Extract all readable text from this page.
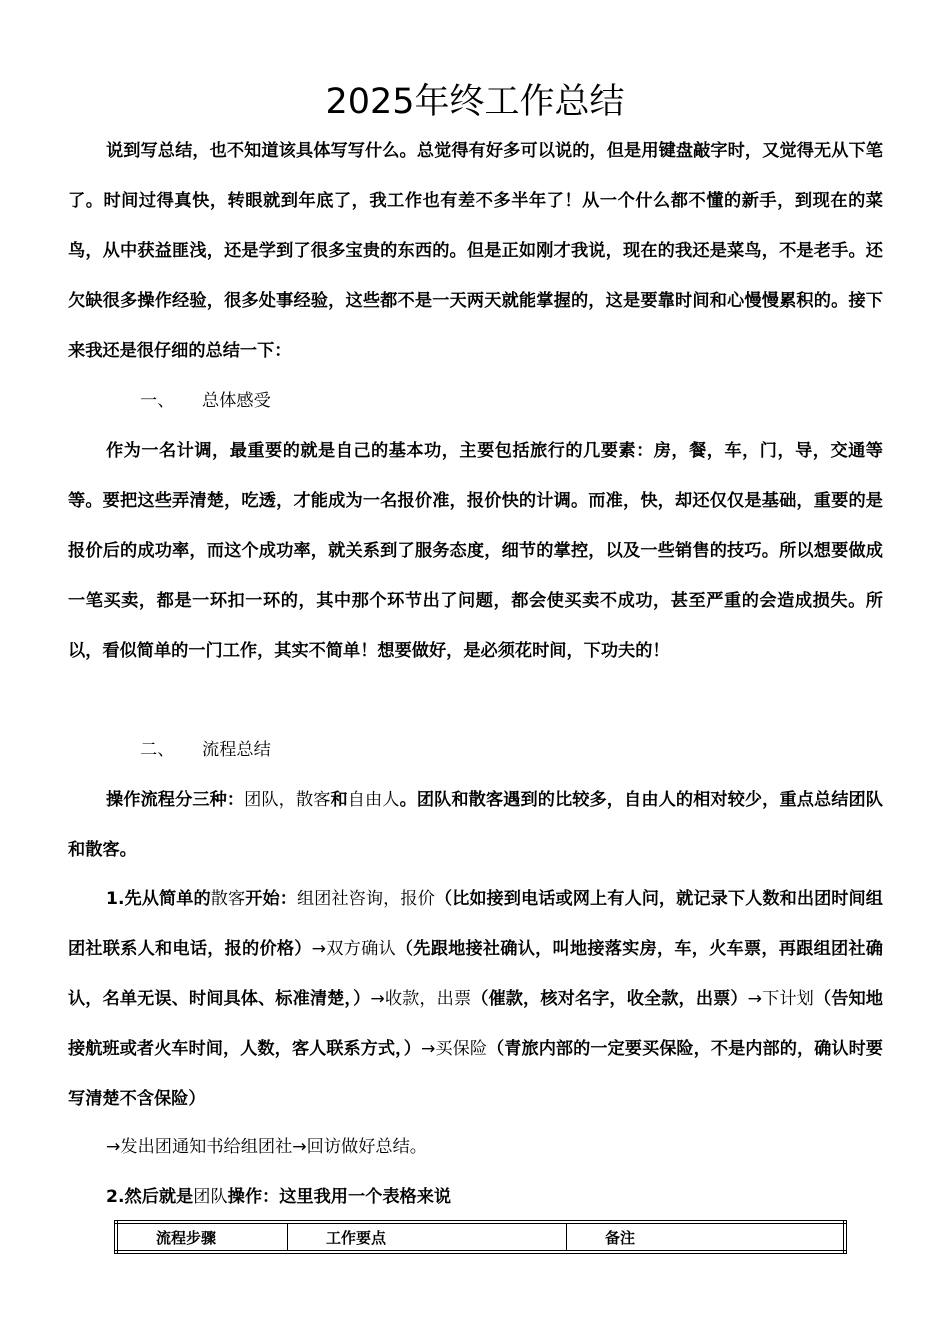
2025年终工作总结

说到写总结，也不知道该具体写写什么。总觉得有好多可以说的，但是用键盘敲字时，又觉得无从下笔了。时间过得真快，转眼就到年底了，我工作也有差不多半年了！从一个什么都不懂的新手，到现在的菜鸟，从中获益匪浅，还是学到了很多宝贵的东西的。但是正如刚才我说，现在的我还是菜鸟，不是老手。还欠缺很多操作经验，很多处事经验，这些都不是一天两天就能掌握的，这是要靠时间和心慢慢累积的。接下来我还是很仔细的总结一下：

一、 总体感受

作为一名计调，最重要的就是自己的基本功，主要包括旅行的几要素：房，餐，车，门，导，交通等等。要把这些弄清楚，吃透，才能成为一名报价准，报价快的计调。而准，快，却还仅仅是基础，重要的是报价后的成功率，而这个成功率，就关系到了服务态度，细节的掌控，以及一些销售的技巧。所以想要做成一笔买卖，都是一环扣一环的，其中那个环节出了问题，都会使买卖不成功，甚至严重的会造成损失。所以，看似简单的一门工作，其实不简单！想要做好，是必须花时间，下功夫的！

二、 流程总结

操作流程分三种：团队，散客和自由人。团队和散客遇到的比较多，自由人的相对较少，重点总结团队和散客。

1.先从简单的散客开始：组团社咨询，报价（比如接到电话或网上有人问，就记录下人数和出团时间组团社联系人和电话，报的价格）→双方确认（先跟地接社确认，叫地接落实房，车，火车票，再跟组团社确认，名单无误、时间具体、标准清楚，）→收款，出票（催款，核对名字，收全款，出票）→下计划（告知地接航班或者火车时间，人数，客人联系方式，）→买保险（青旅内部的一定要买保险，不是内部的，确认时要写清楚不含保险）

→发出团通知书给组团社→回访做好总结。

2.然后就是团队操作：这里我用一个表格来说

流程步骤	工作要点	备注
